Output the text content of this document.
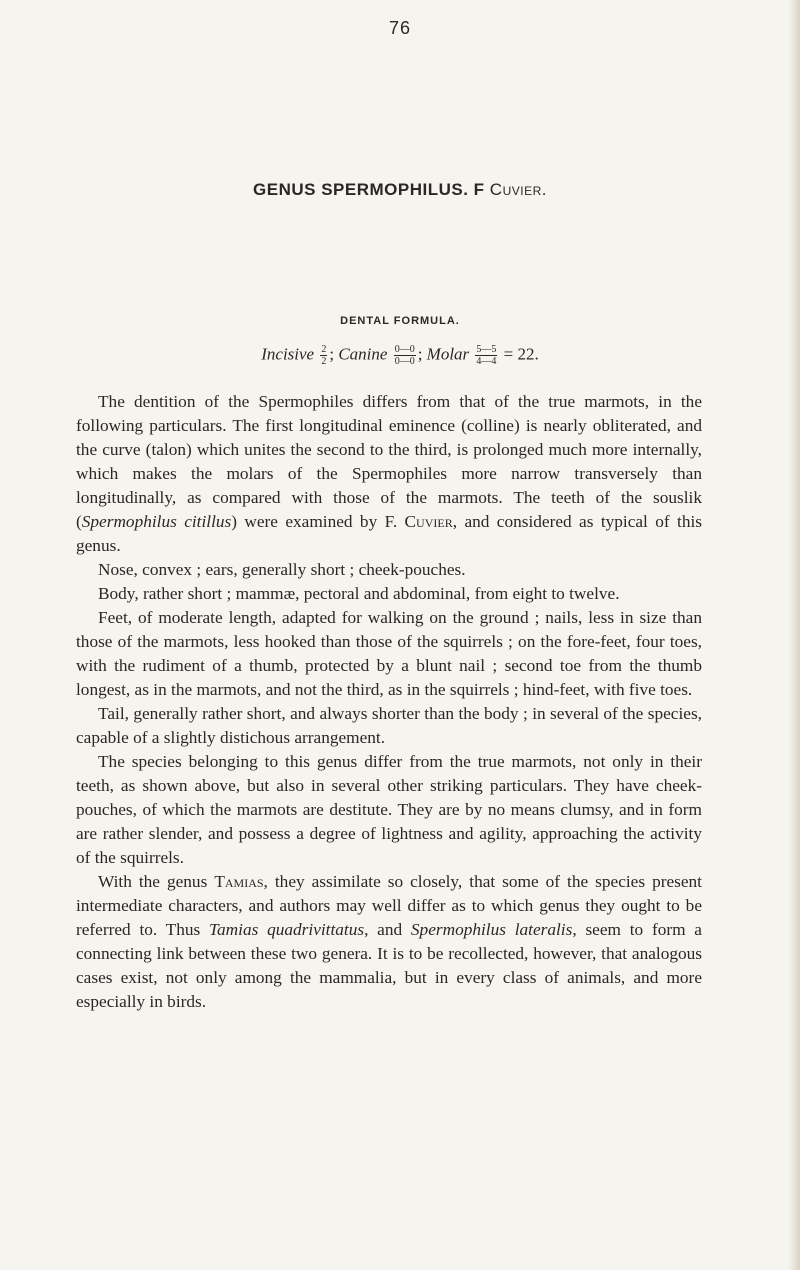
76
GENUS SPERMOPHILUS. F Cuvier.
DENTAL FORMULA.
Incisive $\frac{2}{2}$ ; Canine $\frac{0—0}{0—0}$ ; Molar $\frac{5—5}{4—4} = 22$.

The dentition of the Spermophiles differs from that of the true marmots, in the following particulars. The first longitudinal eminence (colline) is nearly obliterated, and the curve (talon) which unites the second to the third, is prolonged much more internally, which makes the molars of the Spermophiles more narrow transversely than longitudinally, as compared with those of the marmots. The teeth of the souslik (Spermophilus citillus) were examined by F. Cuvier, and considered as typical of this genus.

Nose, convex ; ears, generally short ; cheek-pouches.

Body, rather short ; mammæ, pectoral and abdominal, from eight to twelve.

Feet, of moderate length, adapted for walking on the ground ; nails, less in size than those of the marmots, less hooked than those of the squirrels ; on the fore-feet, four toes, with the rudiment of a thumb, protected by a blunt nail ; second toe from the thumb longest, as in the marmots, and not the third, as in the squirrels ; hind-feet, with five toes.

Tail, generally rather short, and always shorter than the body ; in several of the species, capable of a slightly distichous arrangement.

The species belonging to this genus differ from the true marmots, not only in their teeth, as shown above, but also in several other striking particulars. They have cheek-pouches, of which the marmots are destitute. They are by no means clumsy, and in form are rather slender, and possess a degree of lightness and agility, approaching the activity of the squirrels.

With the genus Tamias, they assimilate so closely, that some of the species present intermediate characters, and authors may well differ as to which genus they ought to be referred to. Thus Tamias quadrivittatus, and Spermophilus lateralis, seem to form a connecting link between these two genera. It is to be recollected, however, that analogous cases exist, not only among the mammalia, but in every class of animals, and more especially in birds.
